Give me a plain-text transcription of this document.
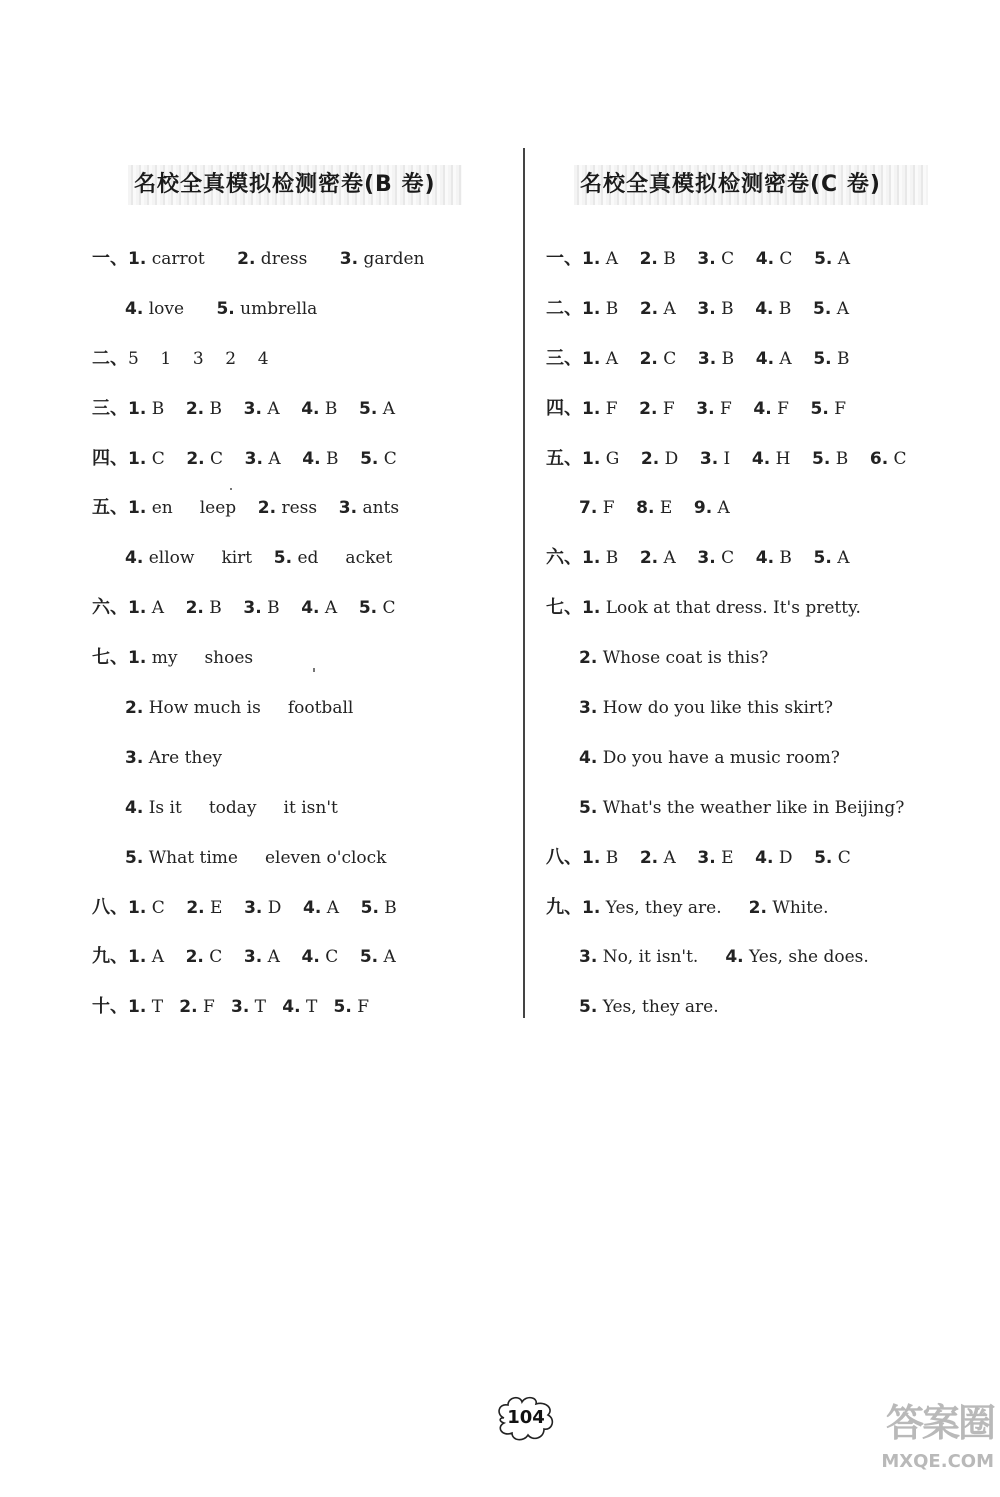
名校全真模拟检测密卷(B 卷)	名校全真模拟检测密卷(C 卷)
一、1. carrot      2. dress      3. garden
4. love      5. umbrella
二、5    1    3    2    4
三、1. B    2. B    3. A    4. B    5. A
四、1. C    2. C    3. A    4. B    5. C
五、1. en     leep    2. ress    3. ants
4. ellow     kirt    5. ed     acket
六、1. A    2. B    3. B    4. A    5. C
七、1. my     shoes
2. How much is     football
3. Are they
4. Is it     today     it isn't
5. What time     eleven o'clock
八、1. C    2. E    3. D    4. A    5. B
九、1. A    2. C    3. A    4. C    5. A
十、1. T   2. F   3. T   4. T   5. F
一、1. A    2. B    3. C    4. C    5. A
二、1. B    2. A    3. B    4. B    5. A
三、1. A    2. C    3. B    4. A    5. B
四、1. F    2. F    3. F    4. F    5. F
五、1. G    2. D    3. I    4. H    5. B    6. C
7. F    8. E    9. A
六、1. B    2. A    3. C    4. B    5. A
七、1. Look at that dress. It's pretty.
2. Whose coat is this?
3. How do you like this skirt?
4. Do you have a music room?
5. What's the weather like in Beijing?
八、1. B    2. A    3. E    4. D    5. C
九、1. Yes, they are.     2. White.
3. No, it isn't.     4. Yes, she does.
5. Yes, they are.
104	答案圈
MXQE.COM
